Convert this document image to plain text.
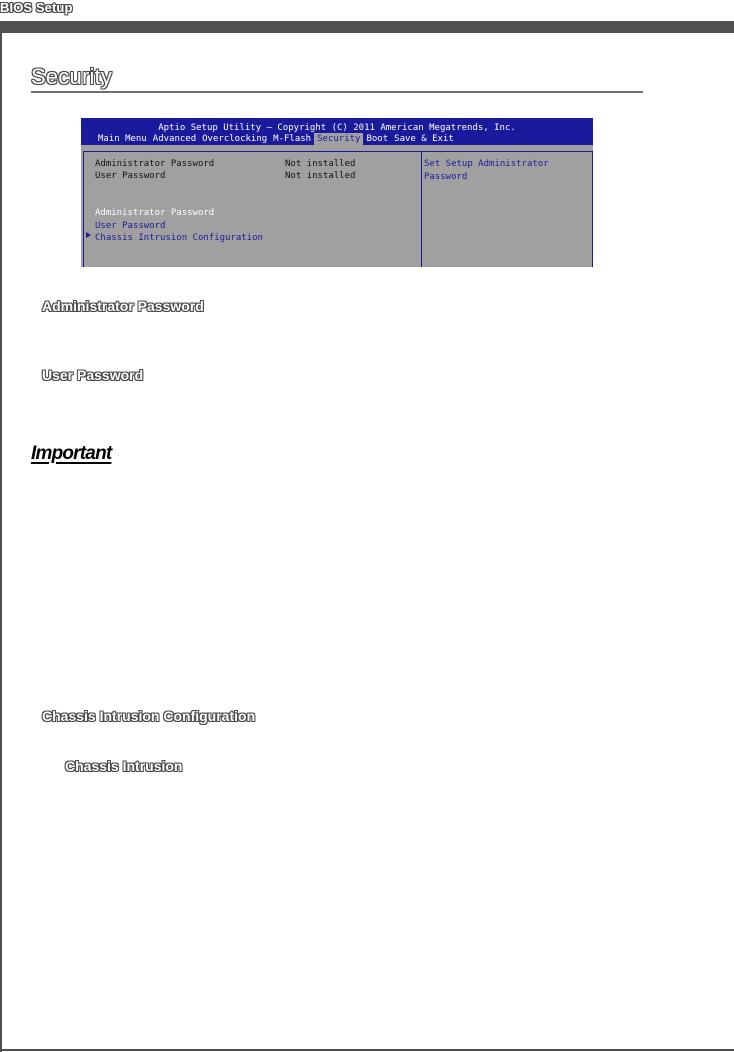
BIOS Setup
Security
Aptio Setup Utility – Copyright (C) 2011 American Megatrends, Inc.
Main Menu Advanced Overclocking M-Flash Security Boot Save & Exit
Administrator Password	Not installed
User Password	Not installed
Administrator Password
User Password
Chassis Intrusion Configuration
Set Setup Administrator
Password
Administrator Password
User Password
Important
Chassis Intrusion Configuration
Chassis Intrusion
